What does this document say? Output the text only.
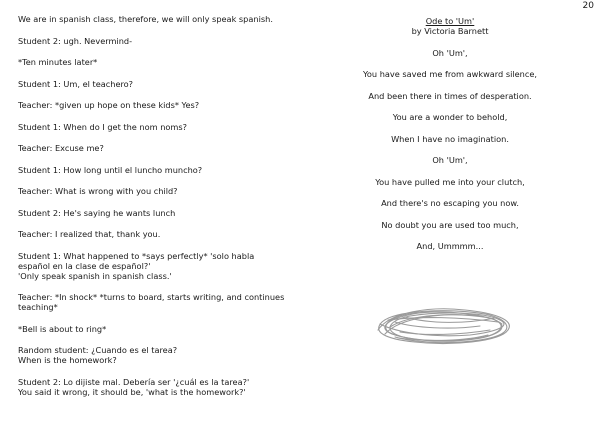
20

We are in spanish class, therefore, we will only speak spanish.

Student 2: ugh. Nevermind-

*Ten minutes later*

Student 1: Um, el teachero?

Teacher: *given up hope on these kids* Yes?

Student 1: When do I get the nom noms?

Teacher: Excuse me?

Student 1: How long until el luncho muncho?

Teacher: What is wrong with you child?

Student 2: He's saying he wants lunch

Teacher: I realized that, thank you.

Student 1: What happened to *says perfectly* 'solo habla
español en la clase de español?'
'Only speak spanish in spanish class.'

Teacher: *In shock* *turns to board, starts writing, and continues
teaching*

*Bell is about to ring*

Random student: ¿Cuando es el tarea?
When is the homework?

Student 2: Lo dijiste mal. Debería ser '¿cuál es la tarea?'
You said it wrong, it should be, 'what is the homework?'

Ode to 'Um'
by Victoria Barnett

Oh 'Um',

You have saved me from awkward silence,

And been there in times of desperation.

You are a wonder to behold,

When I have no imagination.

Oh 'Um',

You have pulled me into your clutch,

And there's no escaping you now.

No doubt you are used too much,

And, Ummmm...
